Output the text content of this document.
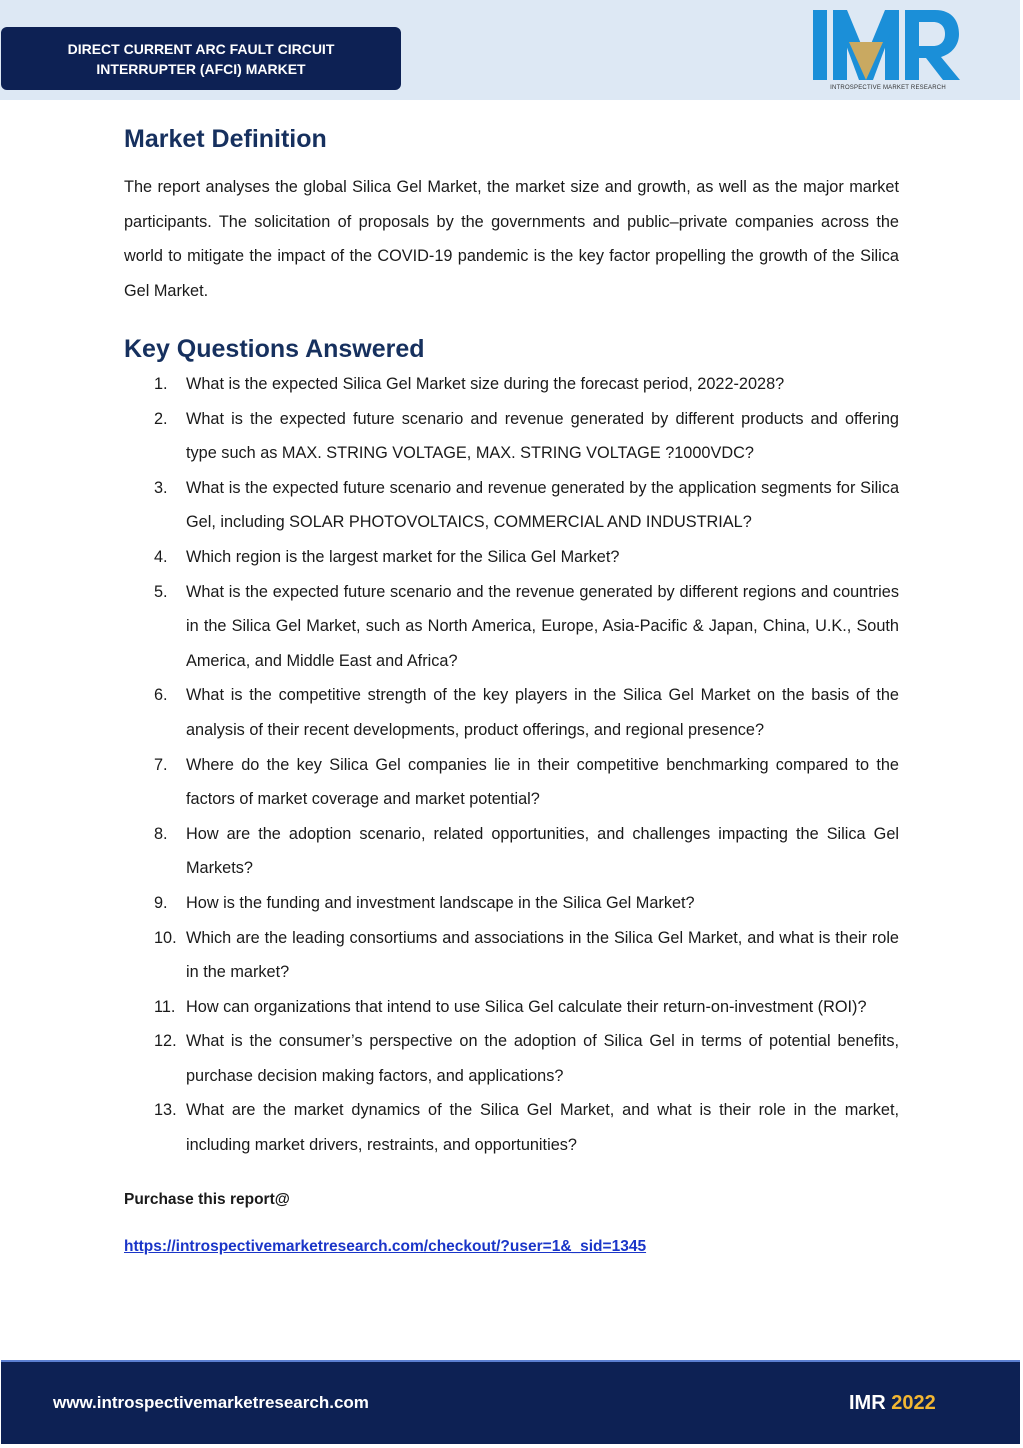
DIRECT CURRENT ARC FAULT CIRCUIT
INTERRUPTER (AFCI) MARKET
INTROSPECTIVE MARKET RESEARCH
Market Definition

The report analyses the global Silica Gel Market, the market size and growth, as well as the major market participants. The solicitation of proposals by the governments and public–private companies across the world to mitigate the impact of the COVID-19 pandemic is the key factor propelling the growth of the Silica Gel Market.

Key Questions Answered
1. What is the expected Silica Gel Market size during the forecast period, 2022-2028?
2. What is the expected future scenario and revenue generated by different products and offering type such as MAX. STRING VOLTAGE, MAX. STRING VOLTAGE ?1000VDC?
3. What is the expected future scenario and revenue generated by the application segments for Silica Gel, including SOLAR PHOTOVOLTAICS, COMMERCIAL AND INDUSTRIAL?
4. Which region is the largest market for the Silica Gel Market?
5. What is the expected future scenario and the revenue generated by different regions and countries in the Silica Gel Market, such as North America, Europe, Asia-Pacific & Japan, China, U.K., South America, and Middle East and Africa?
6. What is the competitive strength of the key players in the Silica Gel Market on the basis of the analysis of their recent developments, product offerings, and regional presence?
7. Where do the key Silica Gel companies lie in their competitive benchmarking compared to the factors of market coverage and market potential?
8. How are the adoption scenario, related opportunities, and challenges impacting the Silica Gel Markets?
9. How is the funding and investment landscape in the Silica Gel Market?
10. Which are the leading consortiums and associations in the Silica Gel Market, and what is their role in the market?
11. How can organizations that intend to use Silica Gel calculate their return-on-investment (ROI)?
12. What is the consumer’s perspective on the adoption of Silica Gel in terms of potential benefits, purchase decision making factors, and applications?
13. What are the market dynamics of the Silica Gel Market, and what is their role in the market, including market drivers, restraints, and opportunities?
Purchase this report@
https://introspectivemarketresearch.com/checkout/?user=1&_sid=1345
www.introspectivemarketresearch.com	IMR 2022
